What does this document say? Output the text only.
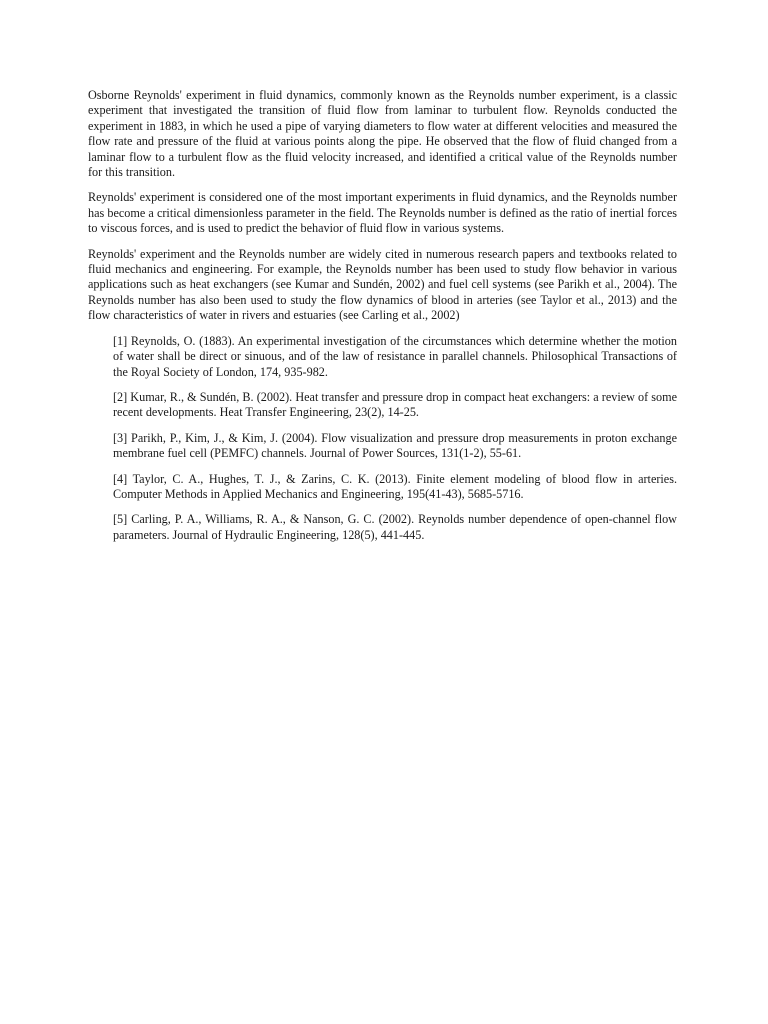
Osborne Reynolds' experiment in fluid dynamics, commonly known as the Reynolds number experiment, is a classic experiment that investigated the transition of fluid flow from laminar to turbulent flow. Reynolds conducted the experiment in 1883, in which he used a pipe of varying diameters to flow water at different velocities and measured the flow rate and pressure of the fluid at various points along the pipe. He observed that the flow of fluid changed from a laminar flow to a turbulent flow as the fluid velocity increased, and identified a critical value of the Reynolds number for this transition.

Reynolds' experiment is considered one of the most important experiments in fluid dynamics, and the Reynolds number has become a critical dimensionless parameter in the field. The Reynolds number is defined as the ratio of inertial forces to viscous forces, and is used to predict the behavior of fluid flow in various systems.

Reynolds' experiment and the Reynolds number are widely cited in numerous research papers and textbooks related to fluid mechanics and engineering. For example, the Reynolds number has been used to study flow behavior in various applications such as heat exchangers (see Kumar and Sundén, 2002) and fuel cell systems (see Parikh et al., 2004). The Reynolds number has also been used to study the flow dynamics of blood in arteries (see Taylor et al., 2013) and the flow characteristics of water in rivers and estuaries (see Carling et al., 2002)

[1] Reynolds, O. (1883). An experimental investigation of the circumstances which determine whether the motion of water shall be direct or sinuous, and of the law of resistance in parallel channels. Philosophical Transactions of the Royal Society of London, 174, 935-982.
[2] Kumar, R., & Sundén, B. (2002). Heat transfer and pressure drop in compact heat exchangers: a review of some recent developments. Heat Transfer Engineering, 23(2), 14-25.
[3] Parikh, P., Kim, J., & Kim, J. (2004). Flow visualization and pressure drop measurements in proton exchange membrane fuel cell (PEMFC) channels. Journal of Power Sources, 131(1-2), 55-61.
[4] Taylor, C. A., Hughes, T. J., & Zarins, C. K. (2013). Finite element modeling of blood flow in arteries. Computer Methods in Applied Mechanics and Engineering, 195(41-43), 5685-5716.
[5] Carling, P. A., Williams, R. A., & Nanson, G. C. (2002). Reynolds number dependence of open-channel flow parameters. Journal of Hydraulic Engineering, 128(5), 441-445.
